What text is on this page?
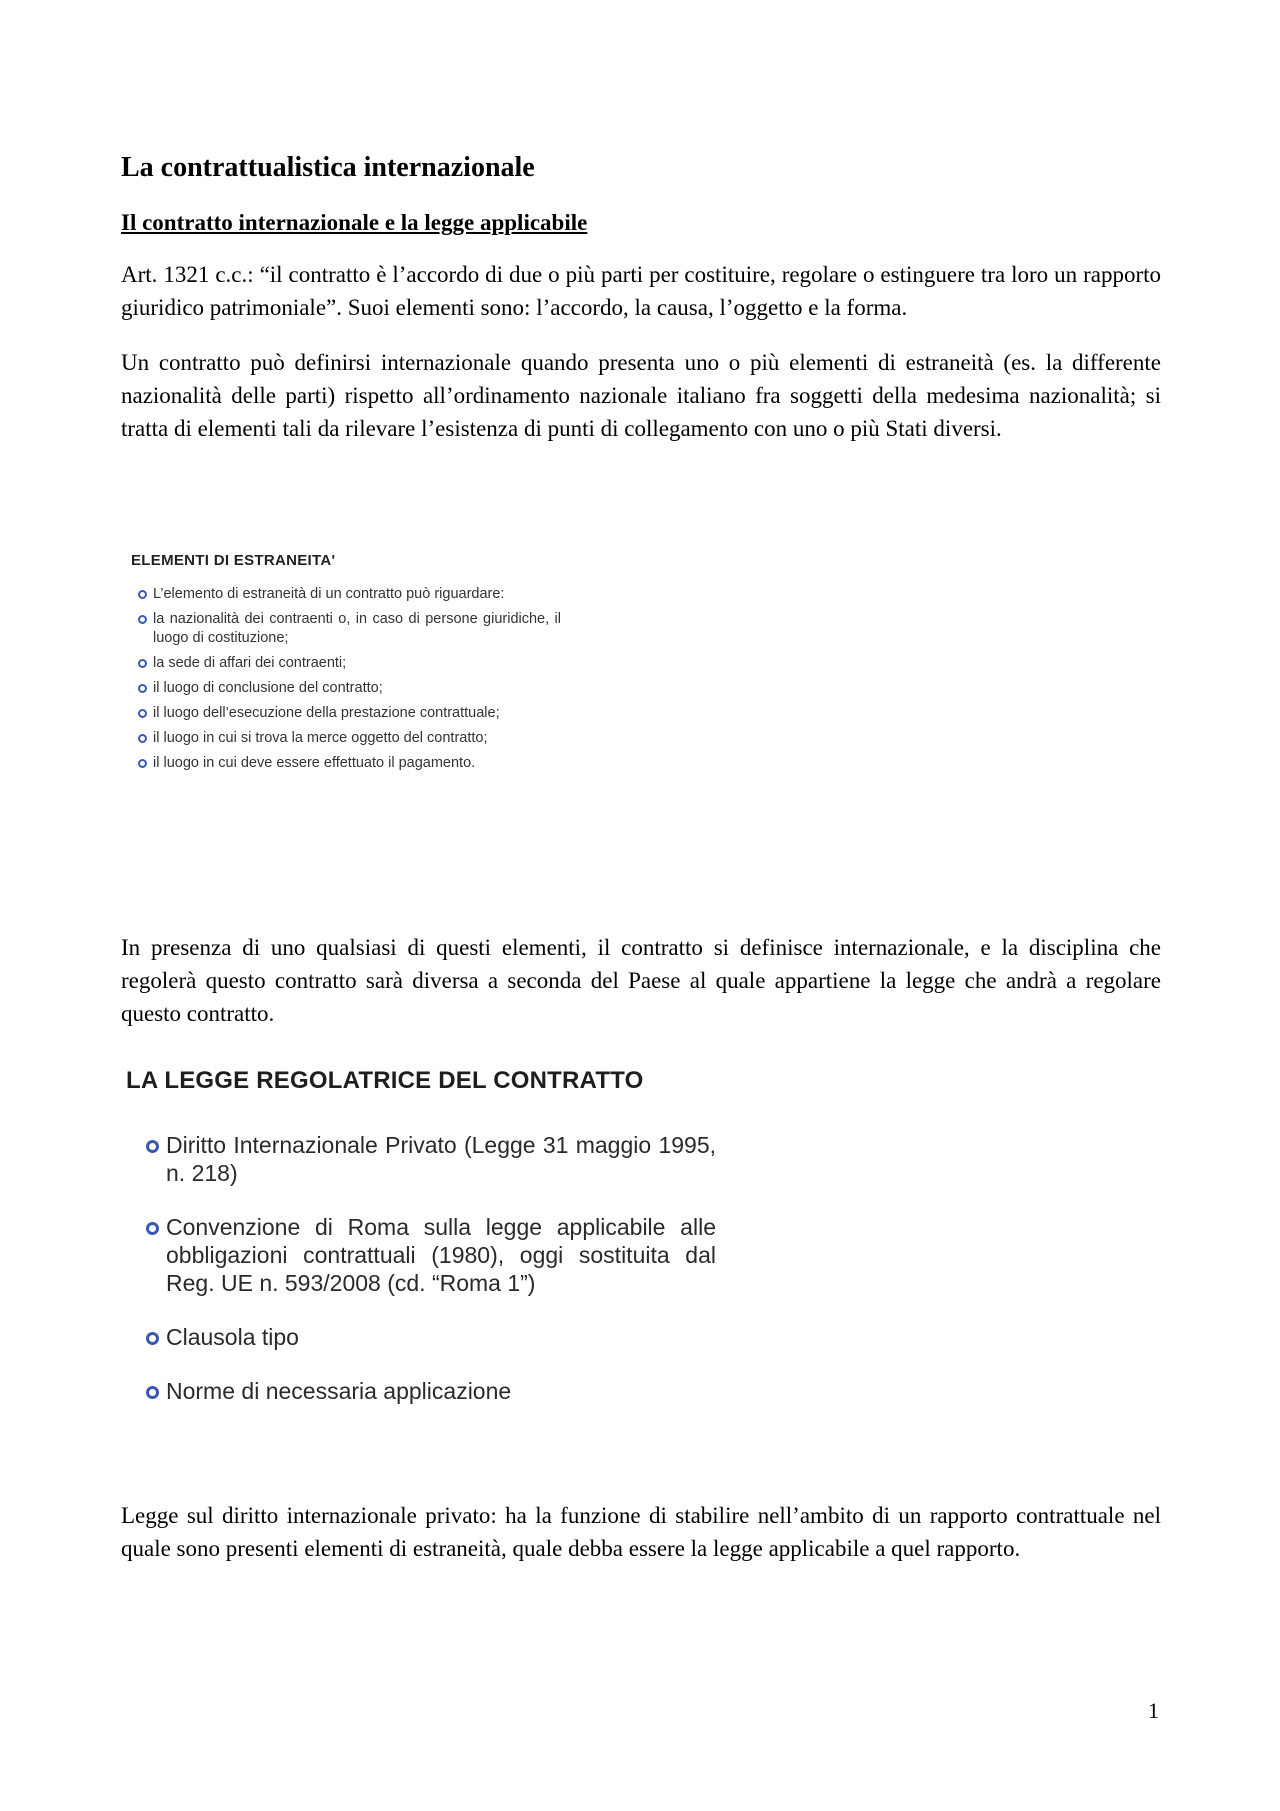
La contrattualistica internazionale
Il contratto internazionale e la legge applicabile

Art. 1321 c.c.: “il contratto è l’accordo di due o più parti per costituire, regolare o estinguere tra loro un rapporto giuridico patrimoniale”. Suoi elementi sono: l’accordo, la causa, l’oggetto e la forma.

Un contratto può definirsi internazionale quando presenta uno o più elementi di estraneità (es. la differente nazionalità delle parti) rispetto all’ordinamento nazionale italiano fra soggetti della medesima nazionalità; si tratta di elementi tali da rilevare l’esistenza di punti di collegamento con uno o più Stati diversi.

ELEMENTI DI ESTRANEITA'
L’elemento di estraneità di un contratto può riguardare:
la nazionalità dei contraenti o, in caso di persone giuridiche, il luogo di costituzione;
la sede di affari dei contraenti;
il luogo di conclusione del contratto;
il luogo dell’esecuzione della prestazione contrattuale;
il luogo in cui si trova la merce oggetto del contratto;
il luogo in cui deve essere effettuato il pagamento.

In presenza di uno qualsiasi di questi elementi, il contratto si definisce internazionale, e la disciplina che regolerà questo contratto sarà diversa a seconda del Paese al quale appartiene la legge che andrà a regolare questo contratto.

LA LEGGE REGOLATRICE DEL CONTRATTO
Diritto Internazionale Privato (Legge 31 maggio 1995, n. 218)
Convenzione di Roma sulla legge applicabile alle obbligazioni contrattuali (1980), oggi sostituita dal Reg. UE n. 593/2008 (cd. “Roma 1”)
Clausola tipo
Norme di necessaria applicazione

Legge sul diritto internazionale privato: ha la funzione di stabilire nell’ambito di un rapporto contrattuale nel quale sono presenti elementi di estraneità, quale debba essere la legge applicabile a quel rapporto.

1
